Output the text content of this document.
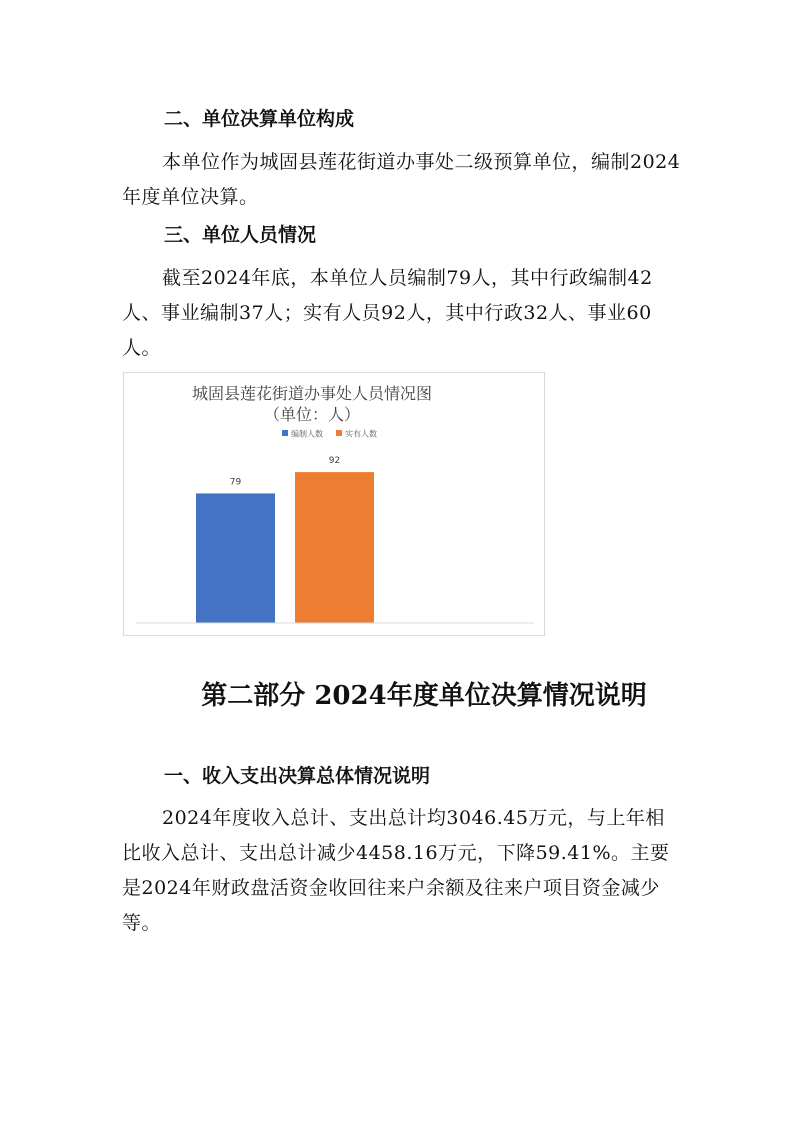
二、单位决算单位构成
本单位作为城固县莲花街道办事处二级预算单位，编制2024年度单位决算。
三、单位人员情况
截至2024年底，本单位人员编制79人，其中行政编制42人、事业编制37人；实有人员92人，其中行政32人、事业60人。
城固县莲花街道办事处人员情况图
（单位：人）
编制人数	实有人数
79
92
第二部分 2024年度单位决算情况说明
一、收入支出决算总体情况说明
2024年度收入总计、支出总计均3046.45万元，与上年相比收入总计、支出总计减少4458.16万元，下降59.41%。主要是2024年财政盘活资金收回往来户余额及往来户项目资金减少等。
